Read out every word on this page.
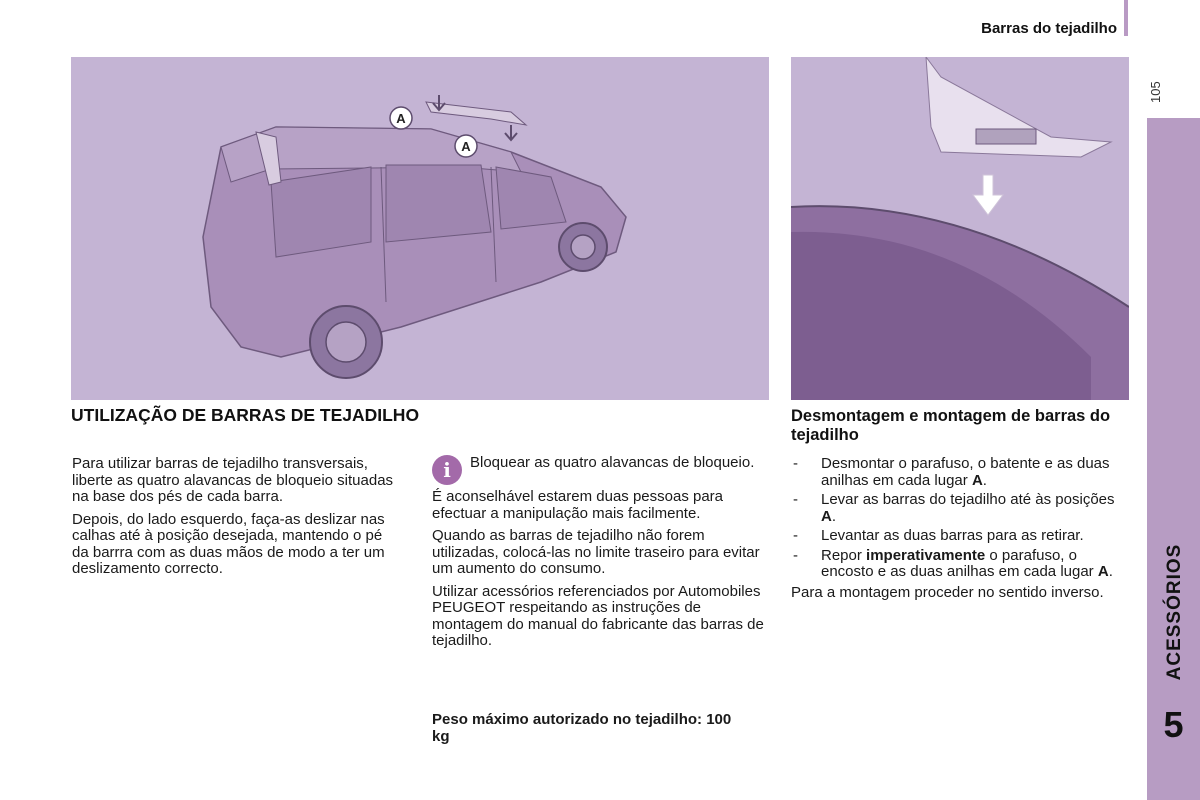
Barras do tejadilho
105
ACESSÓRIOS
5
A
A
UTILIZAÇÃO DE BARRAS DE TEJADILHO	Desmontagem e montagem de barras do tejadilho

Para utilizar barras de tejadilho transversais, liberte as quatro alavancas de bloqueio situadas na base dos pés de cada barra.

Depois, do lado esquerdo, faça-as deslizar nas calhas até à posição desejada, mantendo o pé da barrra com as duas mãos de modo a ter um deslizamento correcto.

i	Bloquear as quatro alavancas de bloqueio.

É aconselhável estarem duas pessoas para efectuar a manipulação mais facilmente.

Quando as barras de tejadilho não forem utilizadas, colocá-las no limite traseiro para evitar um aumento do consumo.

Utilizar acessórios referenciados por Automobiles PEUGEOT respeitando as instruções de montagem do manual do fabricante das barras de tejadilho.

Peso máximo autorizado no tejadilho: 100 kg
- Desmontar o parafuso, o batente e as duas anilhas em cada lugar A.
- Levar as barras do tejadilho até às posições A.
- Levantar as duas barras para as retirar.
- Repor imperativamente o parafuso, o encosto e as duas anilhas em cada lugar A.

Para a montagem proceder no sentido inverso.
